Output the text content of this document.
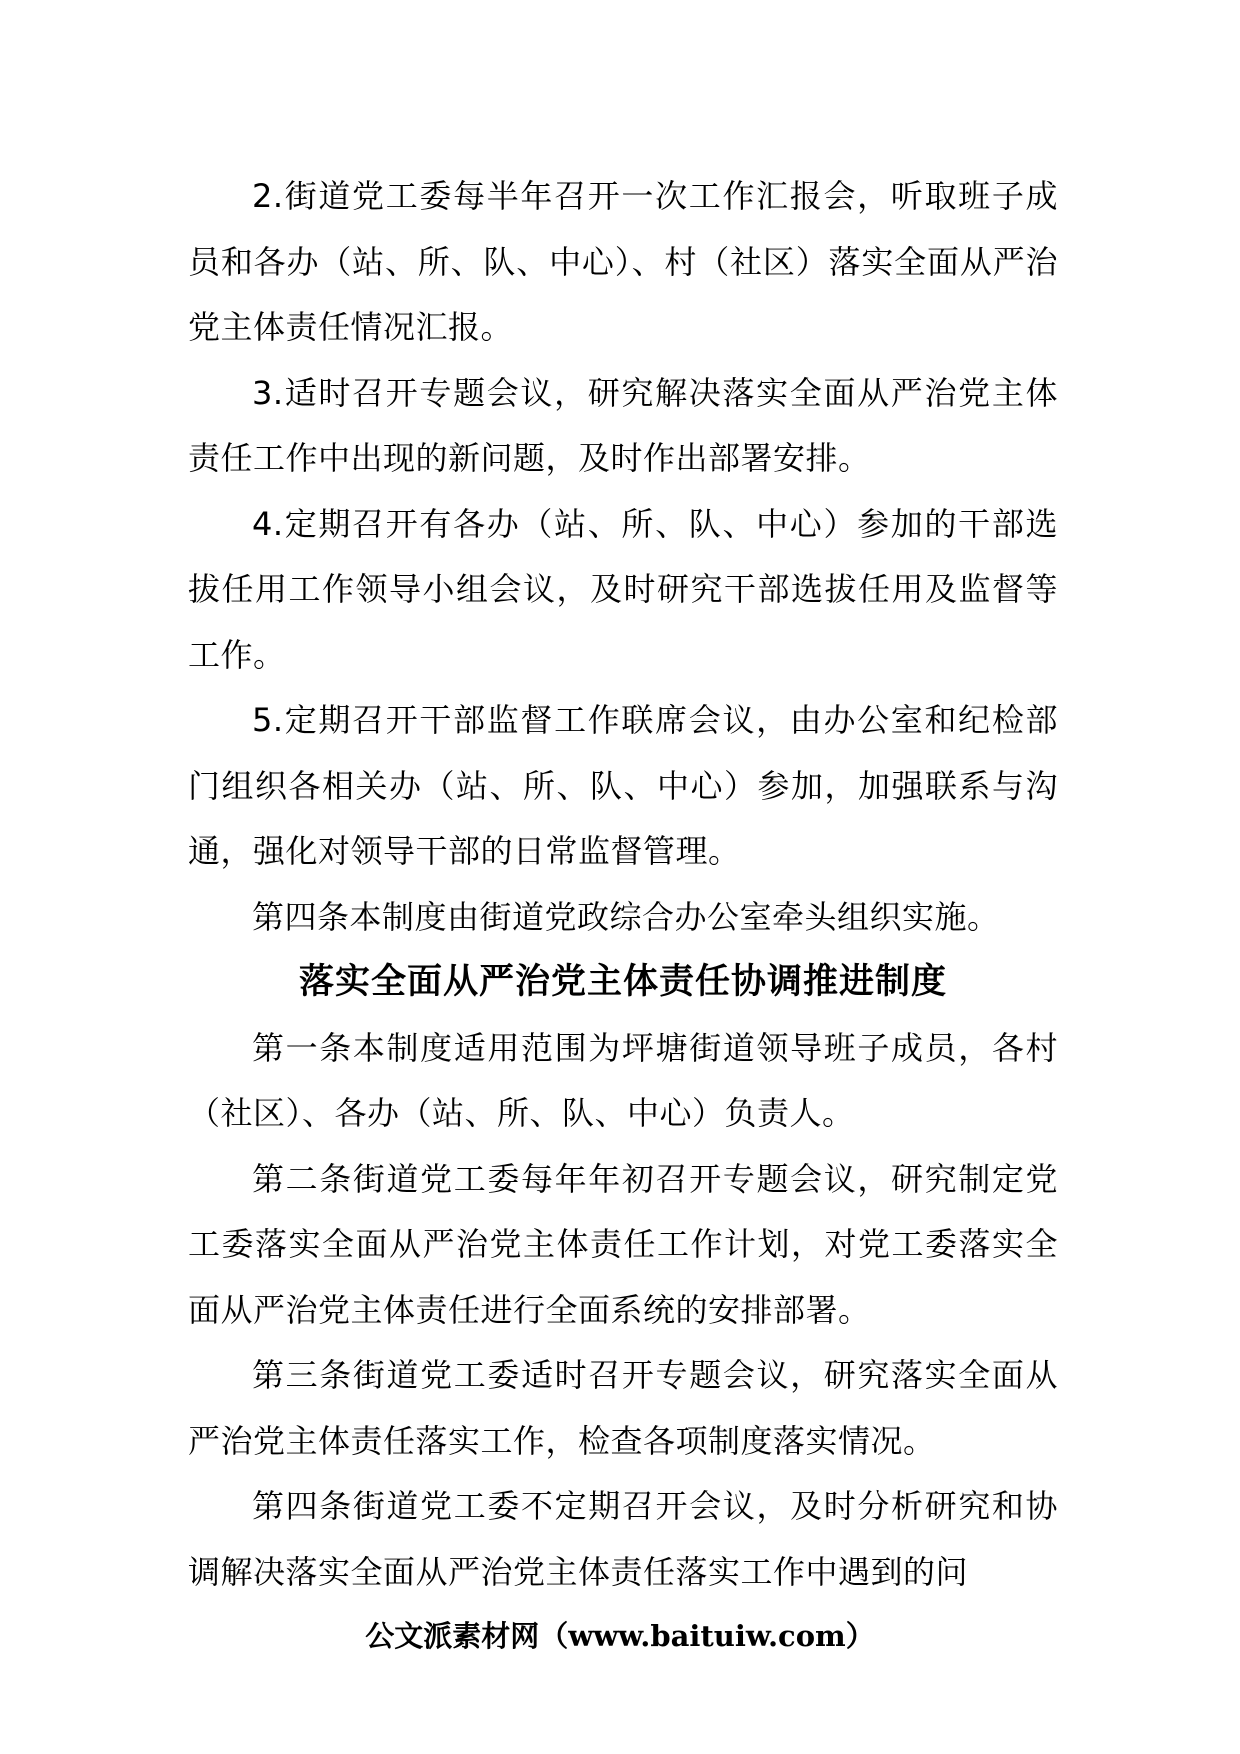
2.街道党工委每半年召开一次工作汇报会，听取班子成员和各办（站、所、队、中心）、村（社区）落实全面从严治党主体责任情况汇报。

3.适时召开专题会议，研究解决落实全面从严治党主体责任工作中出现的新问题，及时作出部署安排。

4.定期召开有各办（站、所、队、中心）参加的干部选拔任用工作领导小组会议，及时研究干部选拔任用及监督等工作。

5.定期召开干部监督工作联席会议，由办公室和纪检部门组织各相关办（站、所、队、中心）参加，加强联系与沟通，强化对领导干部的日常监督管理。

第四条本制度由街道党政综合办公室牵头组织实施。

落实全面从严治党主体责任协调推进制度

第一条本制度适用范围为坪塘街道领导班子成员，各村（社区）、各办（站、所、队、中心）负责人。

第二条街道党工委每年年初召开专题会议，研究制定党工委落实全面从严治党主体责任工作计划，对党工委落实全面从严治党主体责任进行全面系统的安排部署。

第三条街道党工委适时召开专题会议，研究落实全面从严治党主体责任落实工作，检查各项制度落实情况。

第四条街道党工委不定期召开会议，及时分析研究和协调解决落实全面从严治党主体责任落实工作中遇到的问

公文派素材网（www.baituiw.com）
